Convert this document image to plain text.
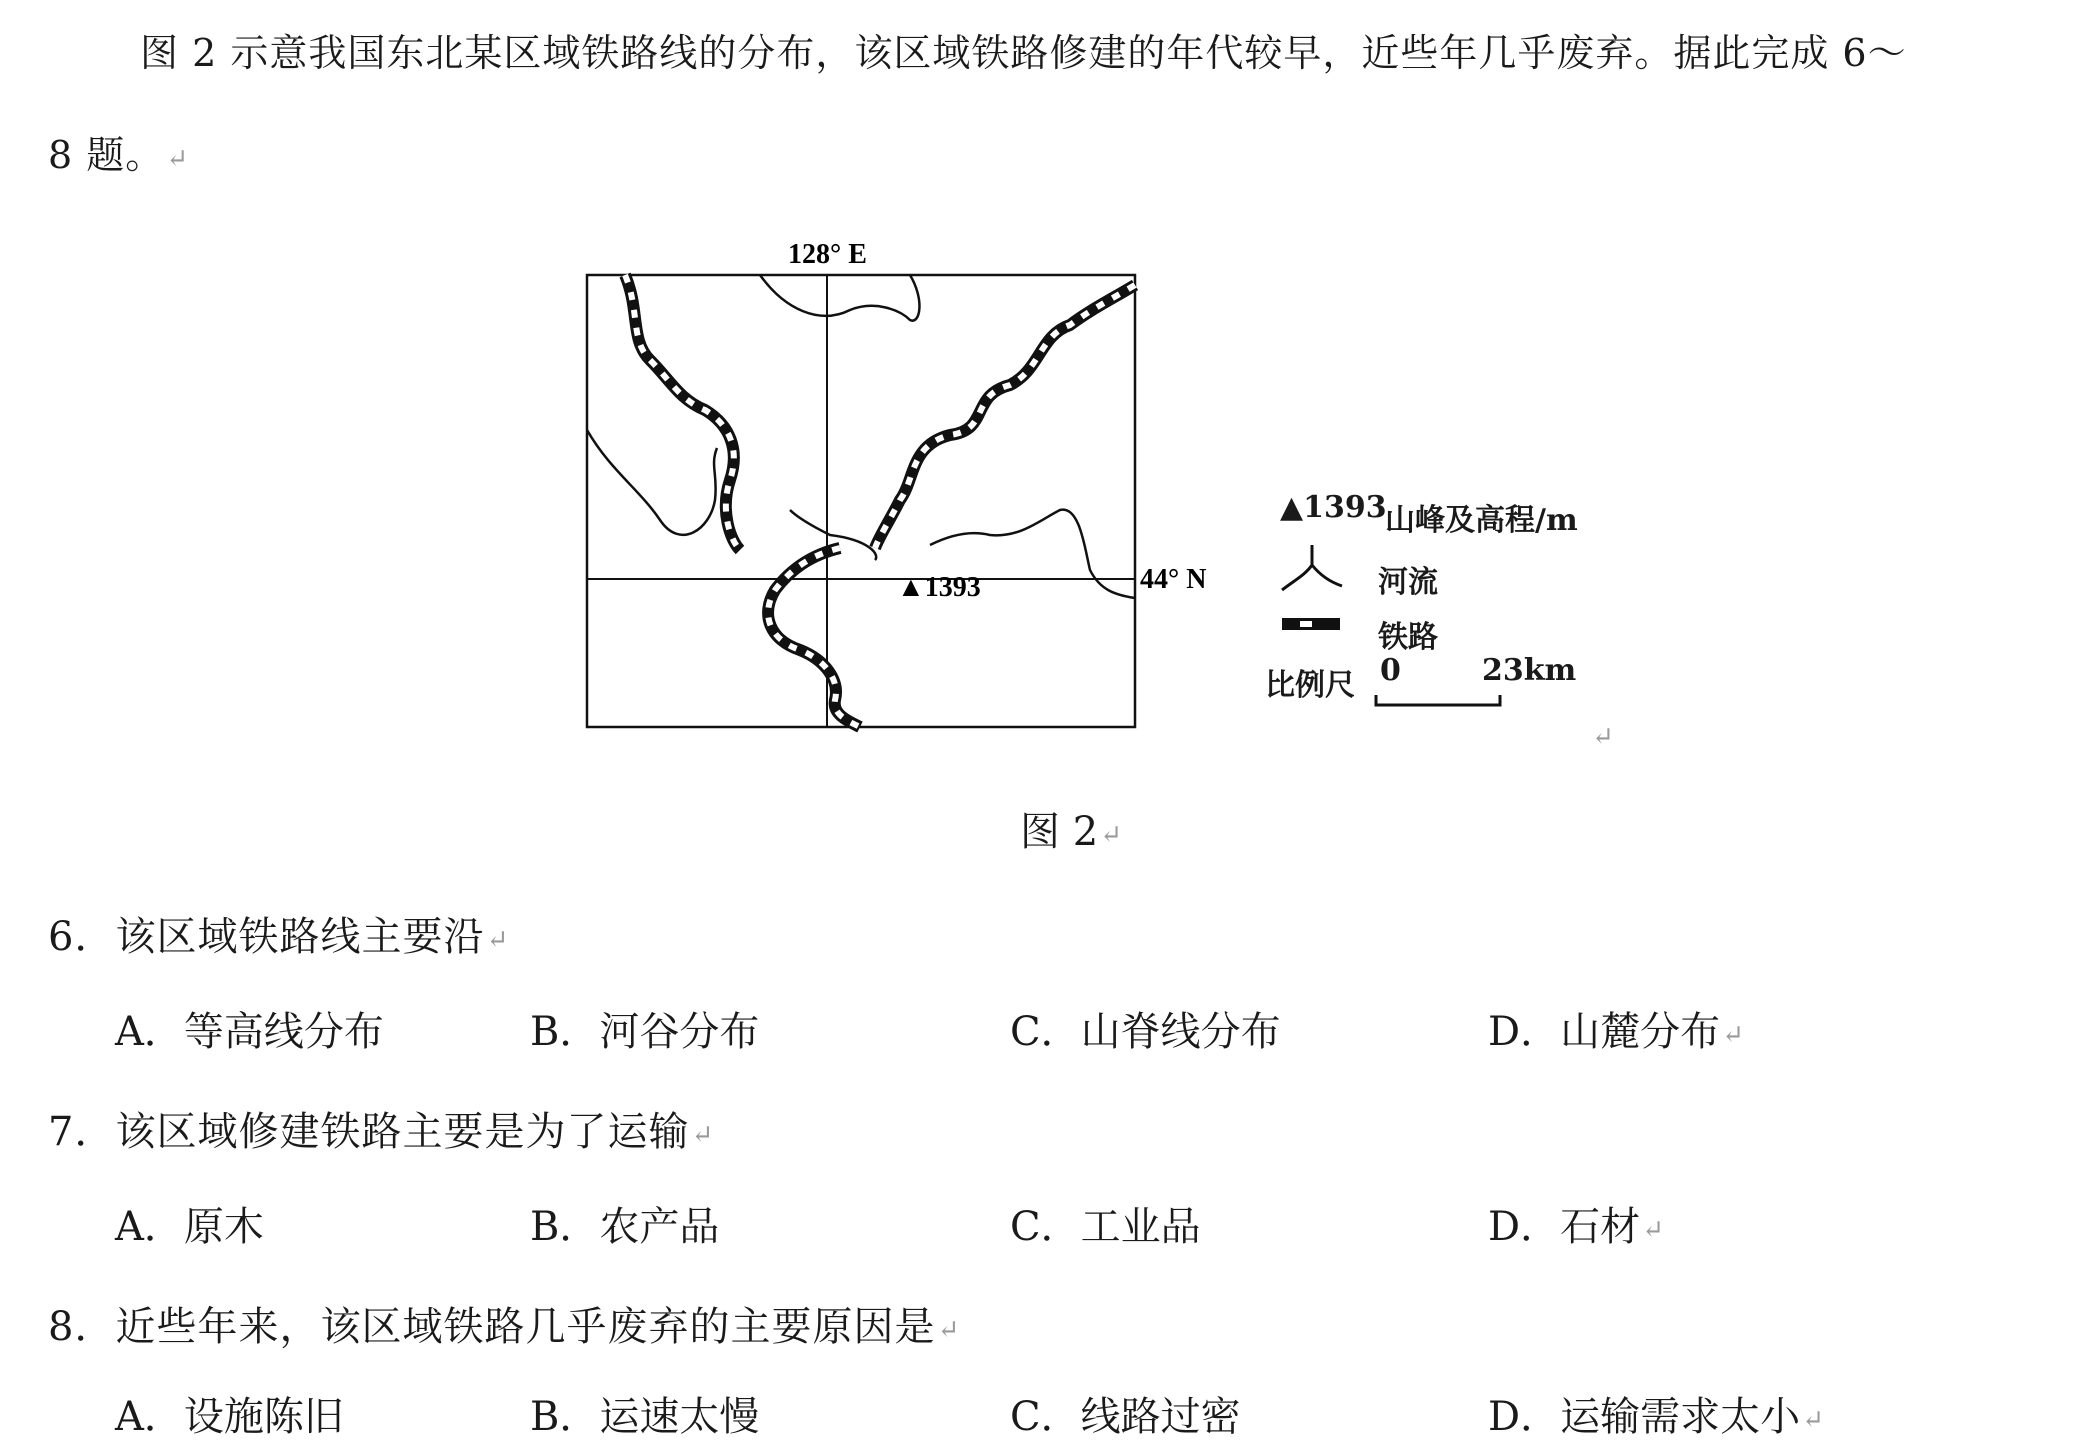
图 2 示意我国东北某区域铁路线的分布，该区域铁路修建的年代较早，近些年几乎废弃。据此完成 6～
8 题。↵
128° E
44° N
▲1393
▲1393
山峰及高程/m
河流
铁路
比例尺 0	23km
↵
图 2↵
6．该区域铁路线主要沿↵
A．等高线分布	B．河谷分布	C．山脊线分布	D．山麓分布↵
7．该区域修建铁路主要是为了运输↵
A．原木	B．农产品	C．工业品	D．石材↵
8．近些年来，该区域铁路几乎废弃的主要原因是↵
A．设施陈旧	B．运速太慢	C．线路过密	D．运输需求太小↵
